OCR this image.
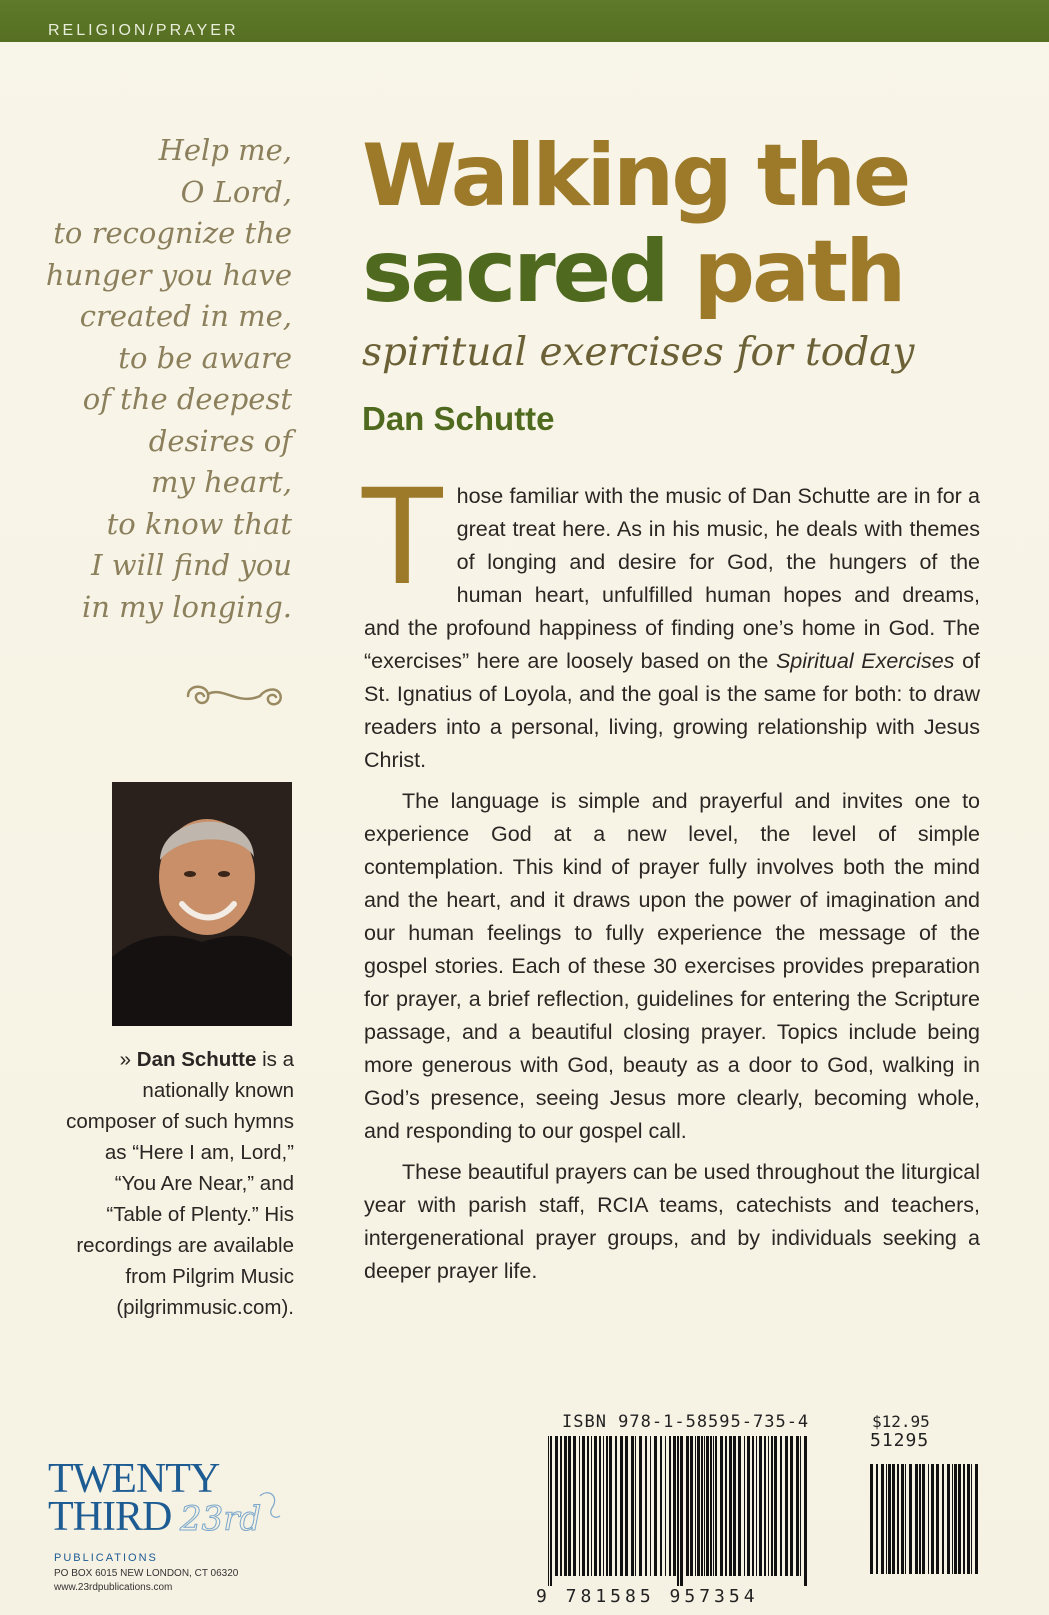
RELIGION/PRAYER
Help me,
O Lord,
to recognize the
hunger you have
created in me,
to be aware
of the deepest
desires of
my heart,
to know that
I will find you
in my longing.
» Dan Schutte is a nationally known composer of such hymns as “Here I am, Lord,” “You Are Near,” and “Table of Plenty.” His recordings are available from Pilgrim Music (pilgrimmusic.com).
TWENTY
THIRD 23rd
PUBLICATIONS
PO BOX 6015 NEW LONDON, CT 06320
www.23rdpublications.com
Walking the
sacred path
spiritual exercises for today
Dan Schutte

Those familiar with the music of Dan Schutte are in for a great treat here. As in his music, he deals with themes of longing and desire for God, the hungers of the human heart, unfulfilled human hopes and dreams, and the profound happiness of finding one’s home in God. The “exercises” here are loosely based on the Spiritual Exercises of St. Ignatius of Loyola, and the goal is the same for both: to draw readers into a personal, living, growing relationship with Jesus Christ.

The language is simple and prayerful and invites one to experience God at a new level, the level of simple contemplation. This kind of prayer fully involves both the mind and the heart, and it draws upon the power of imagination and our human feelings to fully experience the message of the gospel stories. Each of these 30 exercises provides preparation for prayer, a brief reflection, guidelines for entering the Scripture passage, and a beautiful closing prayer. Topics include being more generous with God, beauty as a door to God, walking in God’s presence, seeing Jesus more clearly, becoming whole, and responding to our gospel call.

These beautiful prayers can be used throughout the liturgical year with parish staff, RCIA teams, catechists and teachers, intergenerational prayer groups, and by individuals seeking a deeper prayer life.

ISBN 978-1-58595-735-4
9 781585 957354
$12.95
51295
